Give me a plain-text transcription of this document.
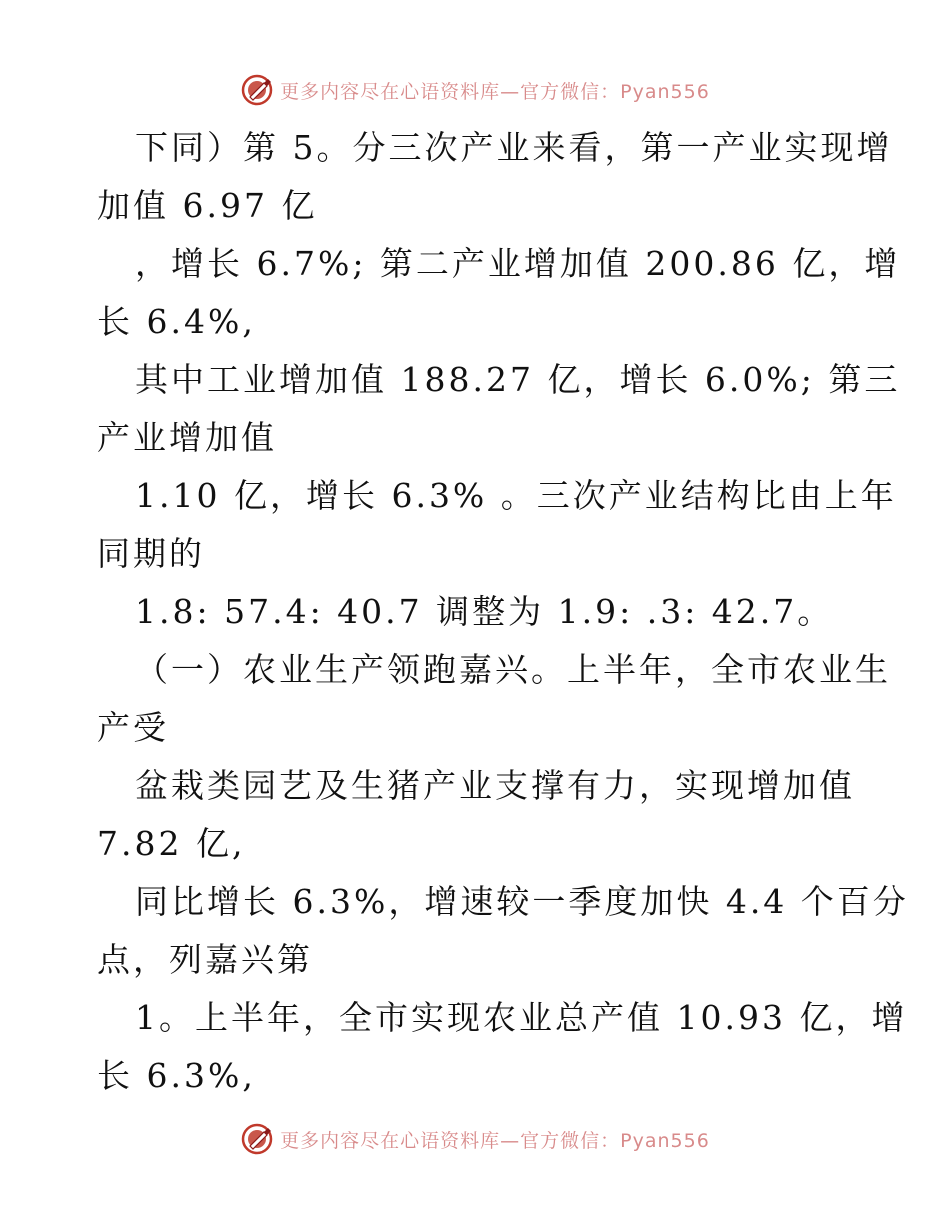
更多内容尽在心语资料库—官方微信：Pyan556
下同）第 5。分三次产业来看，第一产业实现增
加值 6.97 亿
，增长 6.7%; 第二产业增加值 200.86 亿，增
长 6.4%,
其中工业增加值 188.27 亿，增长 6.0%; 第三
产业增加值
1.10 亿，增长 6.3% 。三次产业结构比由上年
同期的
1.8: 57.4: 40.7 调整为 1.9: .3: 42.7。
（一）农业生产领跑嘉兴。上半年，全市农业生
产受
盆栽类园艺及生猪产业支撑有力，实现增加值
7.82 亿,
同比增长 6.3%，增速较一季度加快 4.4 个百分
点，列嘉兴第
1。上半年，全市实现农业总产值 10.93 亿，增
长 6.3%,
更多内容尽在心语资料库—官方微信：Pyan556
